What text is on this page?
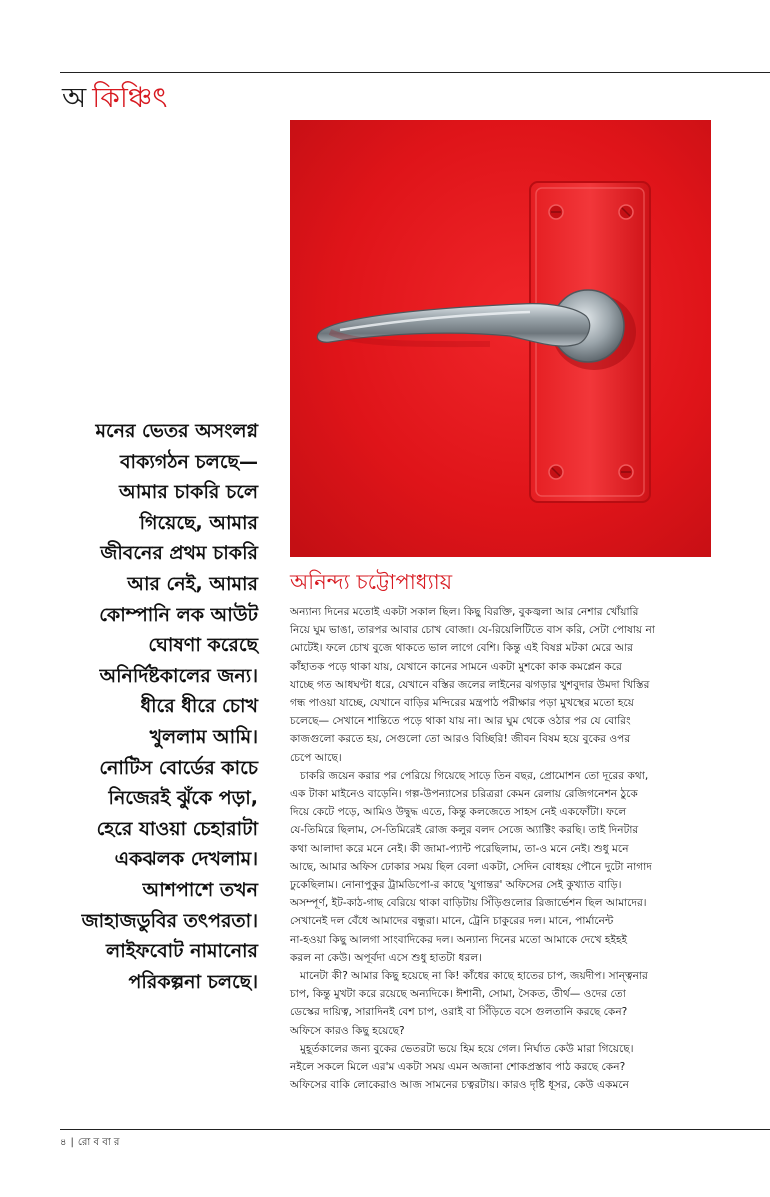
অ কিঞ্চিৎ
মনের ভেতর অসংলগ্ন
বাক্যগঠন চলছে—
আমার চাকরি চলে
গিয়েছে, আমার
জীবনের প্রথম চাকরি
আর নেই, আমার
কোম্পানি লক আউট
ঘোষণা করেছে
অনির্দিষ্টকালের জন্য।
ধীরে ধীরে চোখ
খুললাম আমি।
নোটিস বোর্ডের কাচে
নিজেরই ঝুঁকে পড়া,
হেরে যাওয়া চেহারাটা
একঝলক দেখলাম।
আশপাশে তখন
জাহাজডুবির তৎপরতা।
লাইফবোট নামানোর
পরিকল্পনা চলছে।
অনিন্দ্য চট্টোপাধ্যায়

অন্যান্য দিনের মতোই একটা সকাল ছিল। কিছু বিরক্তি, বুকজ্বলা আর নেশার খোঁয়ারি
নিয়ে ঘুম ভাঙা, তারপর আবার চোখ বোজা। যে-রিয়েলিটিতে বাস করি, সেটা পোষায় না
মোটেই। ফলে চোখ বুজে থাকতে ভাল লাগে বেশি। কিন্তু এই বিষণ্ণ মটকা মেরে আর
কাঁহাতক পড়ে থাকা যায়, যেখানে কানের সামনে একটা মুশকো কাক কমপ্লেন করে
যাচ্ছে গত আধঘণ্টা ধরে, যেখানে বস্তির জলের লাইনের ঝগড়ার খুশবুদার উমদা খিস্তির
গন্ধ পাওয়া যাচ্ছে, যেখানে বাড়ির মন্দিরের মন্ত্রপাঠ পরীক্ষার পড়া মুখস্থের মতো হয়ে
চলেছে— সেখানে শান্তিতে পড়ে থাকা যায় না। আর ঘুম থেকে ওঠার পর যে বোরিং
কাজগুলো করতে হয়, সেগুলো তো আরও বিচ্ছিরি! জীবন বিষম হয়ে বুকের ওপর
চেপে আছে।

চাকরি জয়েন করার পর পেরিয়ে গিয়েছে সাড়ে তিন বছর, প্রোমোশন তো দূরের কথা,
এক টাকা মাইনেও বাড়েনি। গল্প-উপন্যাসের চরিত্ররা কেমন রেলায় রেজিগনেশন ঠুকে
দিয়ে কেটে পড়ে, আমিও উদ্বুদ্ধ এতে, কিন্তু কলজেতে সাহস নেই একফোঁটা। ফলে
যে-তিমিরে ছিলাম, সে-তিমিরেই রোজ কলুর বলদ সেজে অ্যাক্টিং করছি। তাই দিনটার
কথা আলাদা করে মনে নেই। কী জামা-প্যান্ট পরেছিলাম, তা-ও মনে নেই। শুধু মনে
আছে, আমার অফিস ঢোকার সময় ছিল বেলা একটা, সেদিন বোধহয় পৌনে দুটো নাগাদ
ঢুকেছিলাম। নোনাপুকুর ট্রামডিপো-র কাছে 'যুগান্তর' অফিসের সেই কুখ্যাত বাড়ি।
অসম্পূর্ণ, ইট-কাঠ-গাছ বেরিয়ে থাকা বাড়িটায় সিঁড়িগুলোর রিজার্ভেশন ছিল আমাদের।
সেখানেই দল বেঁধে আমাদের বন্ধুরা। মানে, ট্রেনি চাকুরের দল। মানে, পার্মানেন্ট
না-হওয়া কিছু আলগা সাংবাদিকের দল। অন্যান্য দিনের মতো আমাকে দেখে হইহই
করল না কেউ। অপূর্বদা এসে শুধু হাতটা ধরল।

মানেটা কী? আমার কিছু হয়েছে না কি! কাঁধের কাছে হাতের চাপ, জয়দীপ। সান্ত্বনার
চাপ, কিন্তু মুখটা করে রয়েছে অন্যদিকে। ঈশানী, সোমা, সৈকত, তীর্থ— ওদের তো
ডেস্কের দায়িত্ব, সারাদিনই বেশ চাপ, ওরাই বা সিঁড়িতে বসে গুলতানি করছে কেন?
অফিসে কারও কিছু হয়েছে?

মুহূর্তকালের জন্য বুকের ভেতরটা ভয়ে হিম হয়ে গেল। নির্ঘাত কেউ মারা গিয়েছে।
নইলে সকলে মিলে এর'ম একটা সময় এমন অজানা শোকপ্রস্তাব পাঠ করছে কেন?
অফিসের বাকি লোকেরাও আজ সামনের চত্বরটায়। কারও দৃষ্টি ধূসর, কেউ একমনে

৪ | রো ব বা র
